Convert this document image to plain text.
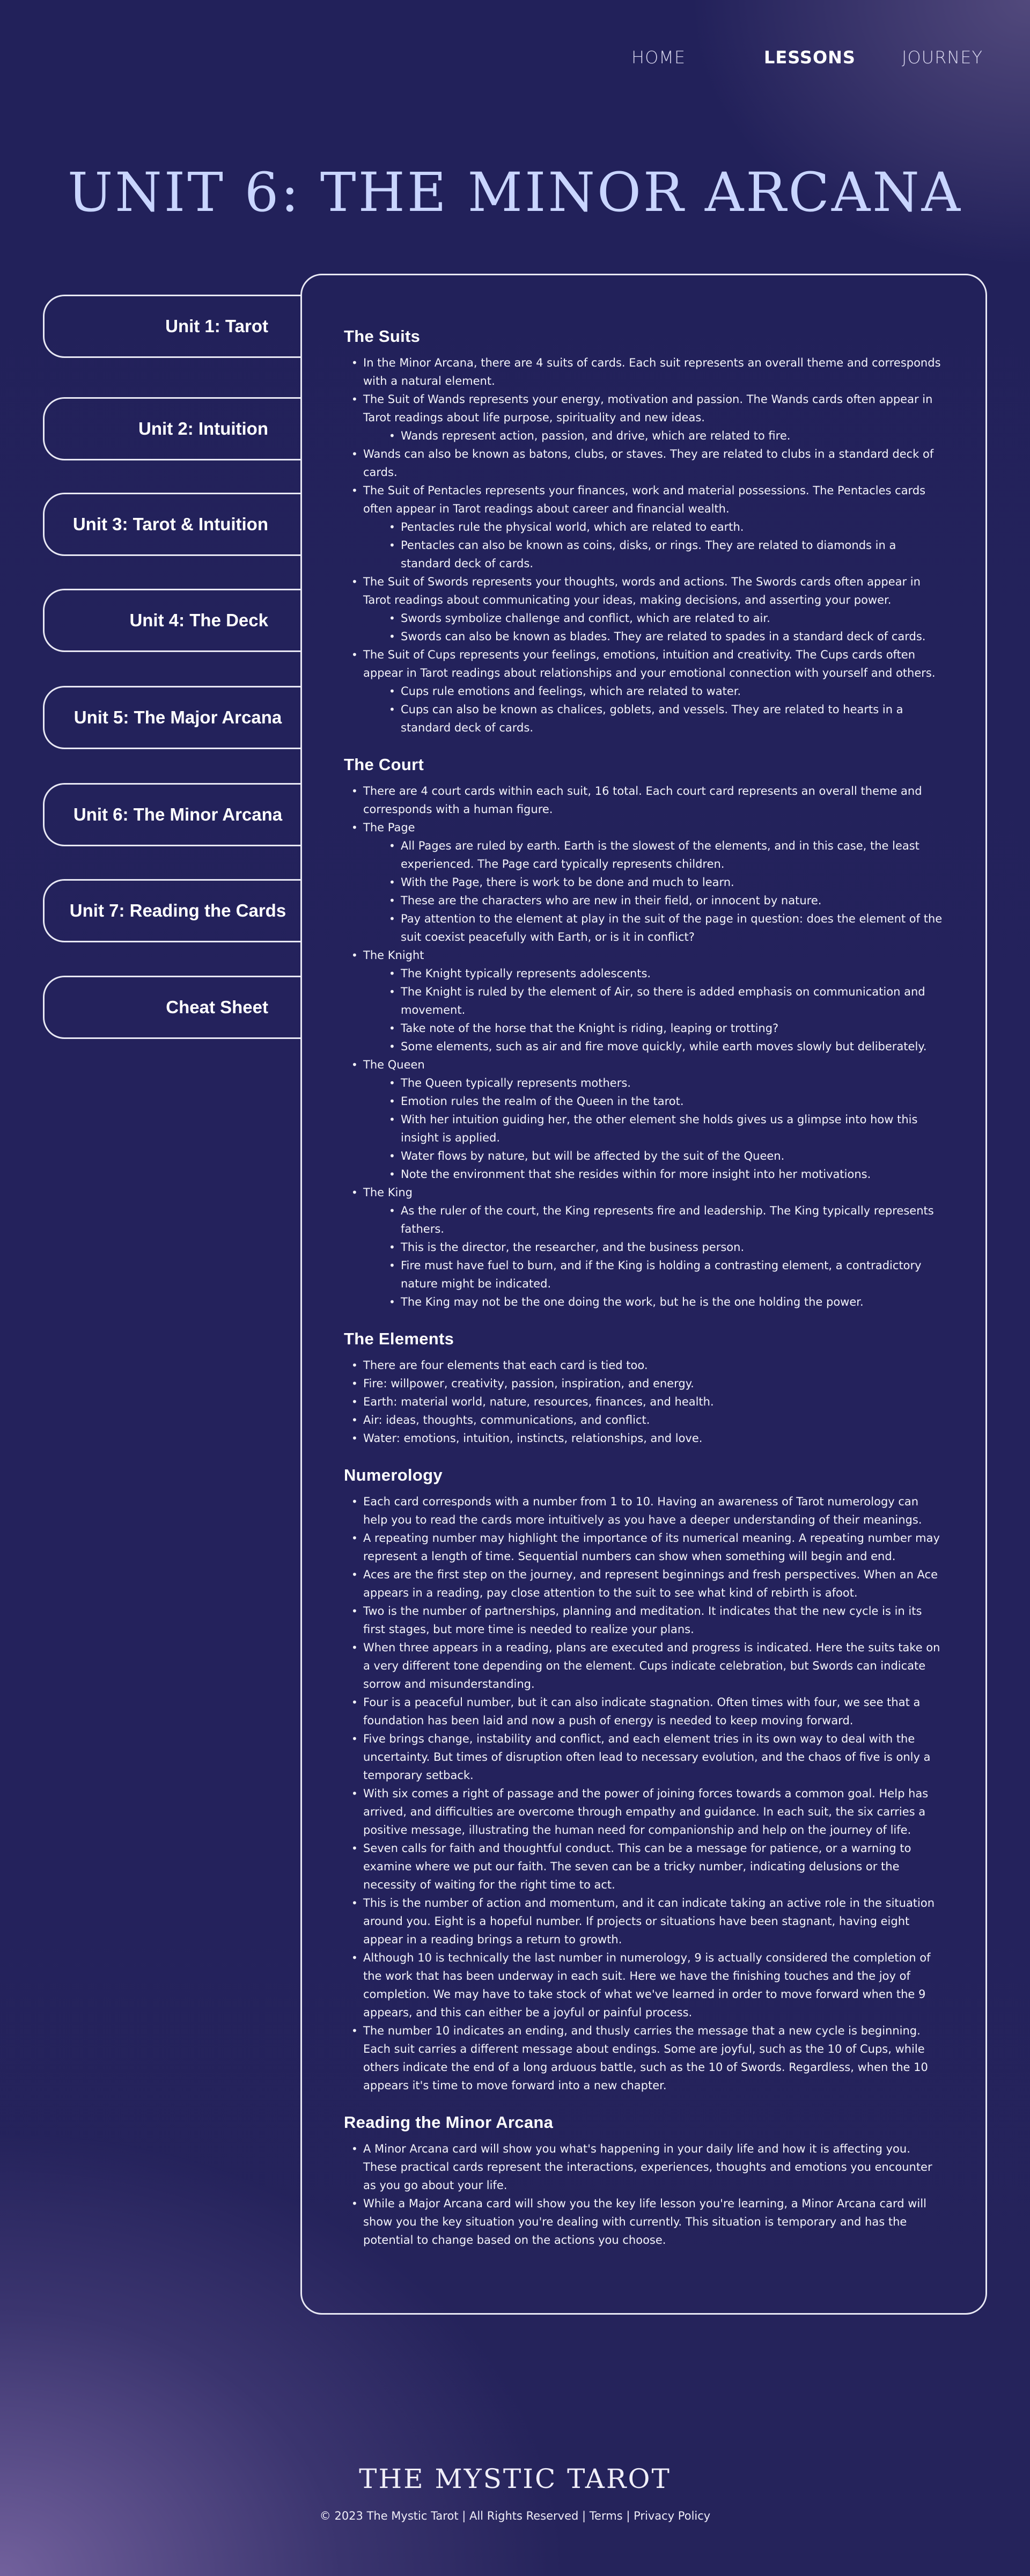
HOME	LESSONS	JOURNEY
UNIT 6: THE MINOR ARCANA
Unit 1: Tarot
Unit 2: Intuition
Unit 3: Tarot & Intuition
Unit 4: The Deck
Unit 5: The Major Arcana
Unit 6: The Minor Arcana
Unit 7: Reading the Cards
Cheat Sheet
The Suits
• In the Minor Arcana, there are 4 suits of cards. Each suit represents an overall theme and corresponds with a natural element.
• The Suit of Wands represents your energy, motivation and passion. The Wands cards often appear in Tarot readings about life purpose, spirituality and new ideas.
• Wands represent action, passion, and drive, which are related to fire.
• Wands can also be known as batons, clubs, or staves. They are related to clubs in a standard deck of cards.
• The Suit of Pentacles represents your finances, work and material possessions. The Pentacles cards often appear in Tarot readings about career and financial wealth.
• Pentacles rule the physical world, which are related to earth.
• Pentacles can also be known as coins, disks, or rings. They are related to diamonds in a standard deck of cards.
• The Suit of Swords represents your thoughts, words and actions. The Swords cards often appear in Tarot readings about communicating your ideas, making decisions, and asserting your power.
• Swords symbolize challenge and conflict, which are related to air.
• Swords can also be known as blades. They are related to spades in a standard deck of cards.
• The Suit of Cups represents your feelings, emotions, intuition and creativity. The Cups cards often appear in Tarot readings about relationships and your emotional connection with yourself and others.
• Cups rule emotions and feelings, which are related to water.
• Cups can also be known as chalices, goblets, and vessels. They are related to hearts in a standard deck of cards.
The Court
• There are 4 court cards within each suit, 16 total. Each court card represents an overall theme and corresponds with a human figure.
• The Page
• All Pages are ruled by earth. Earth is the slowest of the elements, and in this case, the least experienced. The Page card typically represents children.
• With the Page, there is work to be done and much to learn.
• These are the characters who are new in their field, or innocent by nature.
• Pay attention to the element at play in the suit of the page in question: does the element of the suit coexist peacefully with Earth, or is it in conflict?
• The Knight
• The Knight typically represents adolescents.
• The Knight is ruled by the element of Air, so there is added emphasis on communication and movement.
• Take note of the horse that the Knight is riding, leaping or trotting?
• Some elements, such as air and fire move quickly, while earth moves slowly but deliberately.
• The Queen
• The Queen typically represents mothers.
• Emotion rules the realm of the Queen in the tarot.
• With her intuition guiding her, the other element she holds gives us a glimpse into how this insight is applied.
• Water flows by nature, but will be affected by the suit of the Queen.
• Note the environment that she resides within for more insight into her motivations.
• The King
• As the ruler of the court, the King represents fire and leadership. The King typically represents fathers.
• This is the director, the researcher, and the business person.
• Fire must have fuel to burn, and if the King is holding a contrasting element, a contradictory nature might be indicated.
• The King may not be the one doing the work, but he is the one holding the power.
The Elements
• There are four elements that each card is tied too.
• Fire: willpower, creativity, passion, inspiration, and energy.
• Earth: material world, nature, resources, finances, and health.
• Air: ideas, thoughts, communications, and conflict.
• Water: emotions, intuition, instincts, relationships, and love.
Numerology
• Each card corresponds with a number from 1 to 10. Having an awareness of Tarot numerology can help you to read the cards more intuitively as you have a deeper understanding of their meanings.
• A repeating number may highlight the importance of its numerical meaning. A repeating number may represent a length of time. Sequential numbers can show when something will begin and end.
• Aces are the first step on the journey, and represent beginnings and fresh perspectives. When an Ace appears in a reading, pay close attention to the suit to see what kind of rebirth is afoot.
• Two is the number of partnerships, planning and meditation. It indicates that the new cycle is in its first stages, but more time is needed to realize your plans.
• When three appears in a reading, plans are executed and progress is indicated. Here the suits take on a very different tone depending on the element. Cups indicate celebration, but Swords can indicate sorrow and misunderstanding.
• Four is a peaceful number, but it can also indicate stagnation. Often times with four, we see that a foundation has been laid and now a push of energy is needed to keep moving forward.
• Five brings change, instability and conflict, and each element tries in its own way to deal with the uncertainty. But times of disruption often lead to necessary evolution, and the chaos of five is only a temporary setback.
• With six comes a right of passage and the power of joining forces towards a common goal. Help has arrived, and difficulties are overcome through empathy and guidance. In each suit, the six carries a positive message, illustrating the human need for companionship and help on the journey of life.
• Seven calls for faith and thoughtful conduct. This can be a message for patience, or a warning to examine where we put our faith. The seven can be a tricky number, indicating delusions or the necessity of waiting for the right time to act.
• This is the number of action and momentum, and it can indicate taking an active role in the situation around you. Eight is a hopeful number. If projects or situations have been stagnant, having eight appear in a reading brings a return to growth.
• Although 10 is technically the last number in numerology, 9 is actually considered the completion of the work that has been underway in each suit. Here we have the finishing touches and the joy of completion. We may have to take stock of what we've learned in order to move forward when the 9 appears, and this can either be a joyful or painful process.
• The number 10 indicates an ending, and thusly carries the message that a new cycle is beginning. Each suit carries a different message about endings. Some are joyful, such as the 10 of Cups, while others indicate the end of a long arduous battle, such as the 10 of Swords. Regardless, when the 10 appears it's time to move forward into a new chapter.
Reading the Minor Arcana
• A Minor Arcana card will show you what's happening in your daily life and how it is affecting you. These practical cards represent the interactions, experiences, thoughts and emotions you encounter as you go about your life.
• While a Major Arcana card will show you the key life lesson you're learning, a Minor Arcana card will show you the key situation you're dealing with currently. This situation is temporary and has the potential to change based on the actions you choose.
THE MYSTIC TAROT
© 2023 The Mystic Tarot | All Rights Reserved | Terms | Privacy Policy
